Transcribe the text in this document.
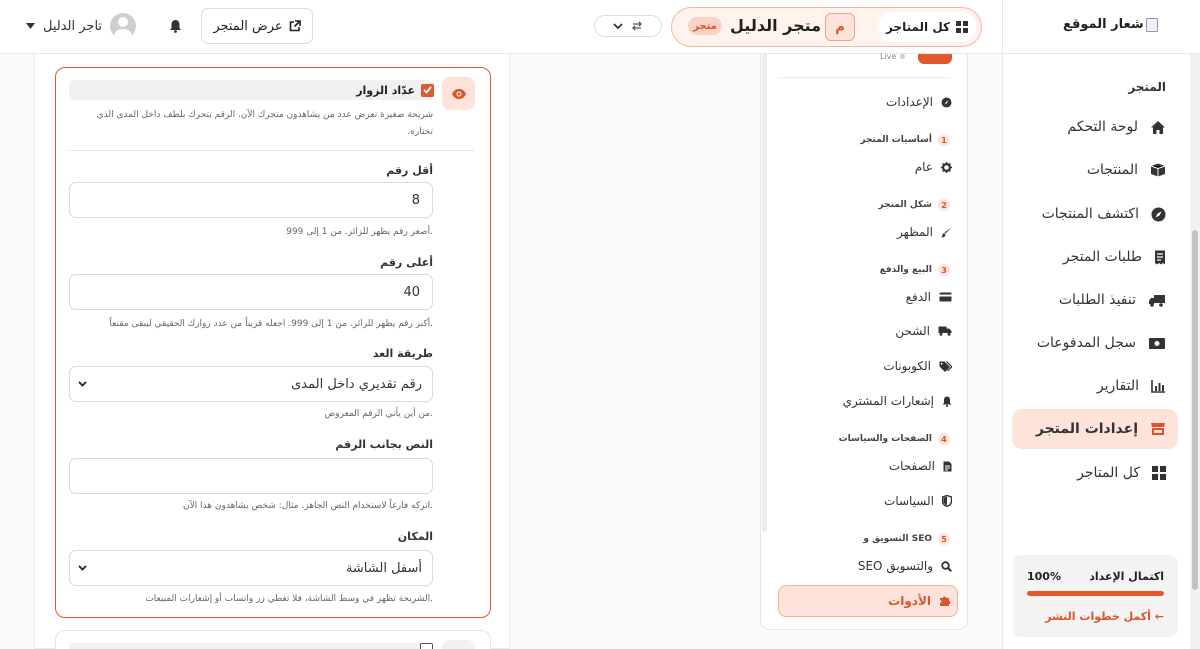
شعار الموقع
كل المتاجر
م
متجر الدليل
متجر
عرض المتجر
تاجر الدليل
المتجر
لوحة التحكم
المنتجات
اكتشف المنتجات
طلبات المتجر
تنفيذ الطلبات
سجل المدفوعات
التقارير
إعدادات المتجر
كل المتاجر
اكتمال الإعداد
100%
أكمل خطوات النشر ←
Live
الإعدادات
1
أساسيات المتجر
عام
2
شكل المتجر
المظهر
3
البيع والدفع
الدفع
الشحن
الكوبونات
إشعارات المشتري
4
الصفحات والسياسات
الصفحات
السياسات
5
التسويق و SEO
SEO والتسويق
الأدوات
عدّاد الزوار
شريحة صغيرة تعرض عدد من يشاهدون متجرك الآن. الرقم يتحرك بلطف داخل المدى الذي تختاره.
أقل رقم
8
أصغر رقم يظهر للزائر. من 1 إلى 999.
أعلى رقم
40
أكبر رقم يظهر للزائر. من 1 إلى 999. اجعله قريباً من عدد زوارك الحقيقي ليبقى مقنعاً.
طريقة العد
رقم تقديري داخل المدى
من أين يأتي الرقم المعروض.
النص بجانب الرقم
اتركه فارغاً لاستخدام النص الجاهز. مثال: شخص يشاهدون هذا الآن.
المكان
أسفل الشاشة
الشريحة تظهر في وسط الشاشة، فلا تغطي زر واتساب أو إشعارات المبيعات.
